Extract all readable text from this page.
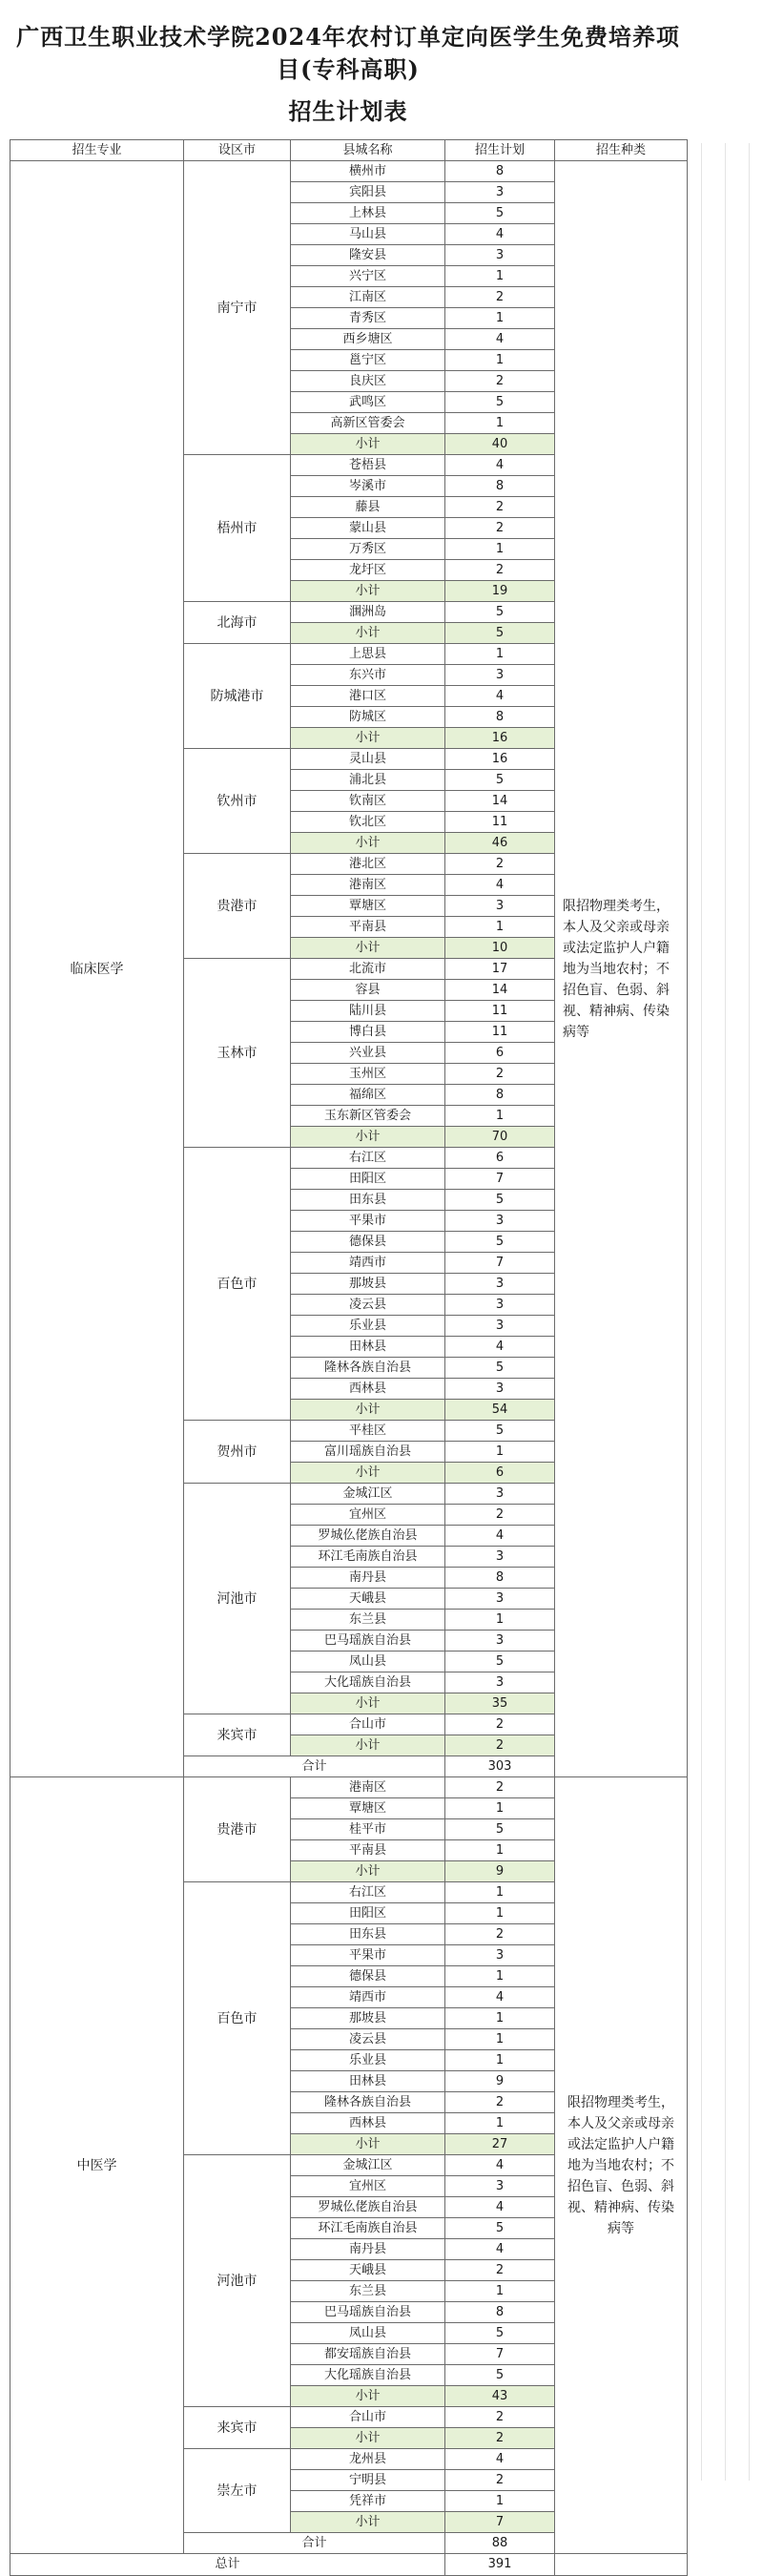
广西卫生职业技术学院2024年农村订单定向医学生免费培养项
目(专科高职)
招生计划表
招生专业	设区市	县城名称	招生计划	招生种类
临床医学	南宁市	横州市	8	限招物理类考生，本人及父亲或母亲或法定监护人户籍地为当地农村；不招色盲、色弱、斜视、精神病、传染病等
		宾阳县	3	
		上林县	5	
		马山县	4	
		隆安县	3	
		兴宁区	1	
		江南区	2	
		青秀区	1	
		西乡塘区	4	
		邕宁区	1	
		良庆区	2	
		武鸣区	5	
		高新区管委会	1	
		小计	40	
	梧州市	苍梧县	4	
		岑溪市	8	
		藤县	2	
		蒙山县	2	
		万秀区	1	
		龙圩区	2	
		小计	19	
	北海市	涠洲岛	5	
		小计	5	
	防城港市	上思县	1	
		东兴市	3	
		港口区	4	
		防城区	8	
		小计	16	
	钦州市	灵山县	16	
		浦北县	5	
		钦南区	14	
		钦北区	11	
		小计	46	
	贵港市	港北区	2	
		港南区	4	
		覃塘区	3	
		平南县	1	
		小计	10	
	玉林市	北流市	17	
		容县	14	
		陆川县	11	
		博白县	11	
		兴业县	6	
		玉州区	2	
		福绵区	8	
		玉东新区管委会	1	
		小计	70	
	百色市	右江区	6	
		田阳区	7	
		田东县	5	
		平果市	3	
		德保县	5	
		靖西市	7	
		那坡县	3	
		凌云县	3	
		乐业县	3	
		田林县	4	
		隆林各族自治县	5	
		西林县	3	
		小计	54	
	贺州市	平桂区	5	
		富川瑶族自治县	1	
		小计	6	
	河池市	金城江区	3	
		宜州区	2	
		罗城仫佬族自治县	4	
		环江毛南族自治县	3	
		南丹县	8	
		天峨县	3	
		东兰县	1	
		巴马瑶族自治县	3	
		凤山县	5	
		大化瑶族自治县	3	
		小计	35	
	来宾市	合山市	2	
		小计	2	
	合计		303	
中医学	贵港市	港南区	2	限招物理类考生，本人及父亲或母亲或法定监护人户籍地为当地农村；不招色盲、色弱、斜视、精神病、传染病等
		覃塘区	1	
		桂平市	5	
		平南县	1	
		小计	9	
	百色市	右江区	1	
		田阳区	1	
		田东县	2	
		平果市	3	
		德保县	1	
		靖西市	4	
		那坡县	1	
		凌云县	1	
		乐业县	1	
		田林县	9	
		隆林各族自治县	2	
		西林县	1	
		小计	27	
	河池市	金城江区	4	
		宜州区	3	
		罗城仫佬族自治县	4	
		环江毛南族自治县	5	
		南丹县	4	
		天峨县	2	
		东兰县	1	
		巴马瑶族自治县	8	
		凤山县	5	
		都安瑶族自治县	7	
		大化瑶族自治县	5	
		小计	43	
	来宾市	合山市	2	
		小计	2	
	崇左市	龙州县	4	
		宁明县	2	
		凭祥市	1	
		小计	7	
	合计		88	
总计			391	
